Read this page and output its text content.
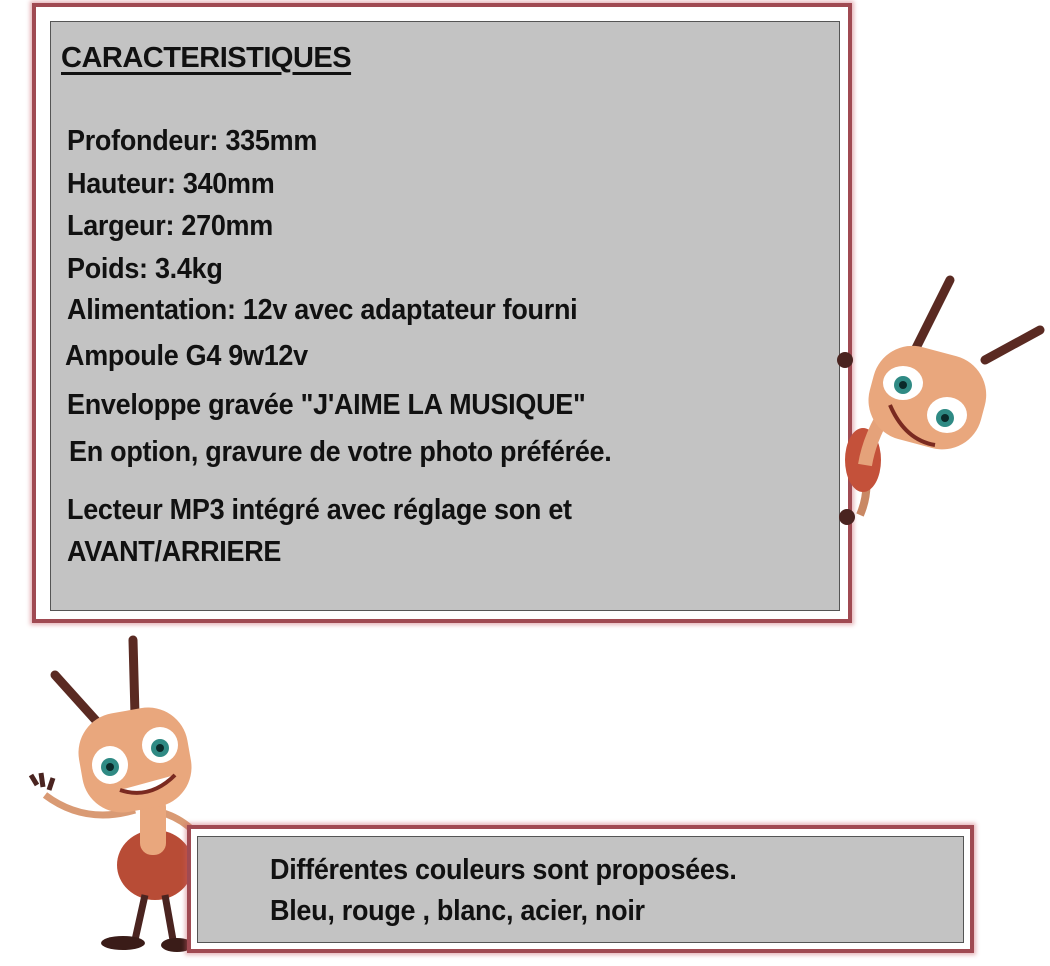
CARACTERISTIQUES
Profondeur: 335mm
Hauteur: 340mm
Largeur: 270mm
Poids: 3.4kg
Alimentation: 12v avec adaptateur fourni
Ampoule G4 9w12v
Enveloppe gravée "J'AIME LA MUSIQUE"
En option, gravure de votre photo préférée.
Lecteur MP3 intégré avec réglage son et
AVANT/ARRIERE
Différentes couleurs sont proposées.
Bleu, rouge , blanc, acier, noir
